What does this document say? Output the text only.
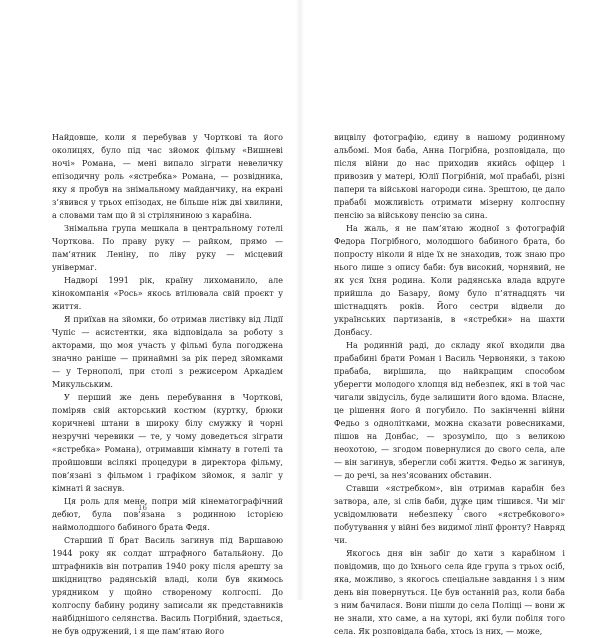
Найдовше, коли я перебував у Чорткові та його околицях, було під час зйомок фільму «Вишневі ночі» Романа, — мені випало зіграти невеличку епізодичну роль «ястребка» Романа, — розвідника, яку я пробув на знімальному майданчику, на екрані з’явився у трьох епізодах, не більше ніж дві хвилини, а словами там що й зі стріляниною з карабіна.

Знімальна група мешкала в центральному готелі Чорткова. По праву руку — райком, прямо — пам’ятник Леніну, по ліву руку — місцевий універмаг.

Надворі 1991 рік, країну лихоманило, але кінокомпанія «Рось» якось втілювала свій проєкт у життя.

Я приїхав на зйомки, бо отримав листівку від Лідії Чупіс — асистентки, яка відповідала за роботу з акторами, що моя участь у фільмі була погоджена значно раніше — принаймні за рік перед зйомками — у Тернополі, при столі з режисером Аркадієм Микульським.

У перший же день перебування в Чорткові, поміряв свій акторський костюм (куртку, брюки коричневі штани в широку білу смужку й чорні незручні черевики — те, у чому доведеться зіграти «ястребка» Романа), отримавши кімнату в готелі та пройшовши всілякі процедури в директора фільму, пов’язані з фільмом і графіком зйомок, я заліг у кімнаті й заснув.

Ця роль для мене, попри мій кінематографічний дебют, була пов’язана з родинною історією наймолодшого бабиного брата Федя.

Старший її брат Василь загинув під Варшавою 1944 року як солдат штрафного батальйону. До штрафників він потрапив 1940 року після арешту за шкідництво радянській владі, коли був якимось урядником у щойно створеному колгоспі. До колгоспу бабину родину записали як представників найбіднішого селянства. Василь Погрібний, здається, не був одружений, і я ще пам’ятаю його

16

вицвілу фотографію, єдину в нашому родинному альбомі. Моя баба, Анна Погрібна, розповідала, що після війни до нас приходив якийсь офіцер і привозив у матері, Юлії Погрібній, мої прабабі, різні папери та військові нагороди сина. Зрештою, це дало прабабі можливість отримати мізерну колгоспну пенсію за військову пенсію за сина.

На жаль, я не пам’ятаю жодної з фотографій Федора Погрібного, молодшого бабиного брата, бо попросту ніколи й ніде їх не знаходив, тож знаю про нього лише з опису баби: був високий, чорнявий, не як уся їхня родина. Коли радянська влада вдруге прийшла до Базару, йому було п’ятнадцять чи шістнадцять років. Його сестри відвели до українських партизанів, в «ястребки» на шахти Донбасу.

На родинній раді, до складу якої входили два прабабині брати Роман і Василь Червоняки, з такою прабаба, вирішила, що найкращим способом уберегти молодого хлопця від небезпек, які в той час чигали звідусіль, буде залишити його вдома. Власне, це рішення його й погубило. По закінченні війни Федьо з однолітками, можна сказати ровесниками, пішов на Донбас, — зрозуміло, що з великою неохотою, — згодом повернулися до свого села, але — він загинув, зберегли собі життя. Федьо ж загинув, — до речі, за нез’ясованих обставин.

Ставши «ястребком», він отримав карабін без затвора, але, зі слів баби, дуже цим тішився. Чи міг усвідомлювати небезпеку свого «ястребкового» побутування у війні без видимої лінії фронту? Навряд чи.

Якогось дня він забіг до хати з карабіном і повідомив, що до їхнього села йде група з трьох осіб, яка, можливо, з якогось спеціальне завдання і з ним день він повернуться. Це був останній раз, коли баба з ним бачилася. Вони пішли до села Поліщі — вони ж не знали, хто саме, а на хуторі, які були побіля того села. Як розповідала баба, хтось із них, — може,

17
